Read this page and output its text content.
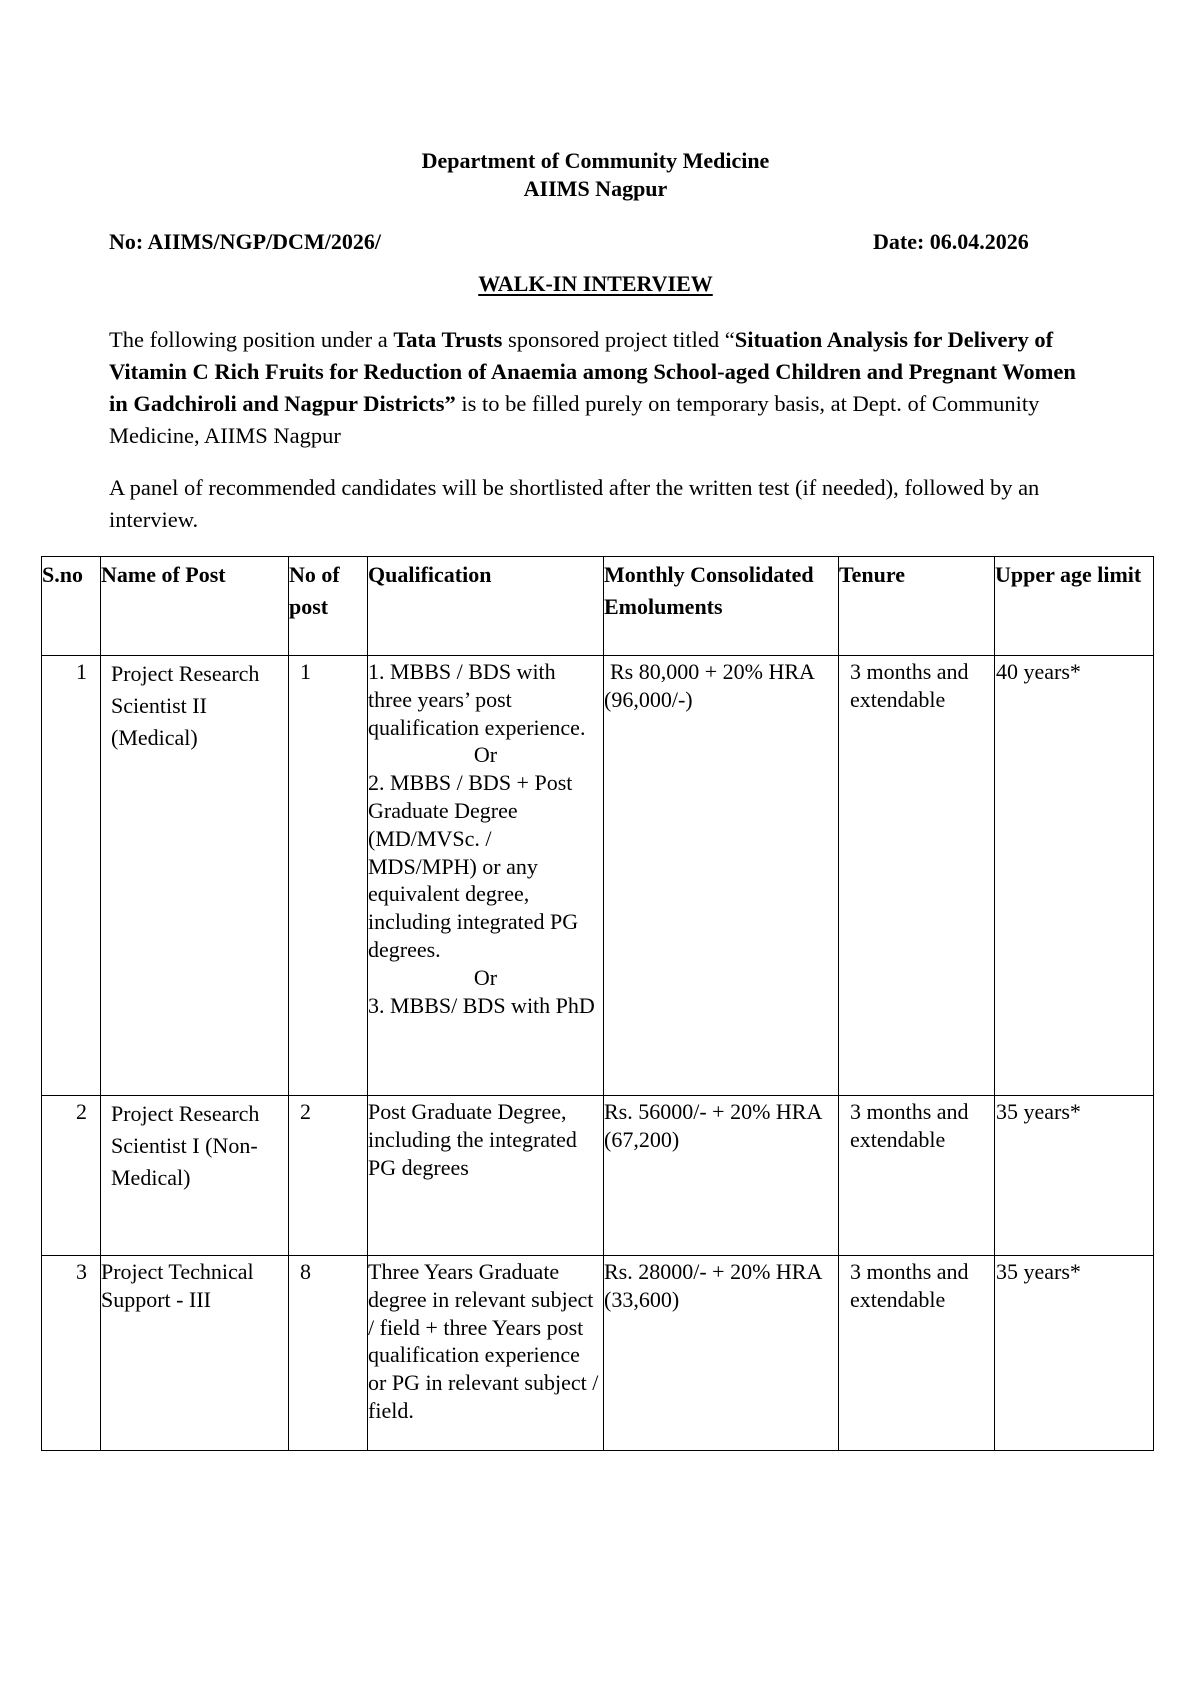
Department of Community Medicine
AIIMS Nagpur
No: AIIMS/NGP/DCM/2026/	Date: 06.04.2026
WALK-IN INTERVIEW
The following position under a Tata Trusts sponsored project titled “Situation Analysis for Delivery of Vitamin C Rich Fruits for Reduction of Anaemia among School-aged Children and Pregnant Women in Gadchiroli and Nagpur Districts” is to be filled purely on temporary basis, at Dept. of Community Medicine, AIIMS Nagpur
A panel of recommended candidates will be shortlisted after the written test (if needed), followed by an interview.
S.no	Name of Post	No of post	Qualification	Monthly Consolidated Emoluments	Tenure	Upper age limit

1	Project Research Scientist II (Medical)	1	1. MBBS / BDS with three years’ post qualification experience.
Or
2. MBBS / BDS + Post Graduate Degree (MD/MVSc. / MDS/MPH) or any equivalent degree, including integrated PG degrees.
Or
3. MBBS/ BDS with PhD	Rs 80,000 + 20% HRA (96,000/-)	3 months and extendable	40 years*

2	Project Research Scientist I (Non-Medical)	2	Post Graduate Degree, including the integrated PG degrees	Rs. 56000/- + 20% HRA (67,200)	3 months and extendable	35 years*

3	Project Technical Support - III	8	Three Years Graduate degree in relevant subject / field + three Years post qualification experience or PG in relevant subject / field.	Rs. 28000/- + 20% HRA (33,600)	3 months and extendable	35 years*
